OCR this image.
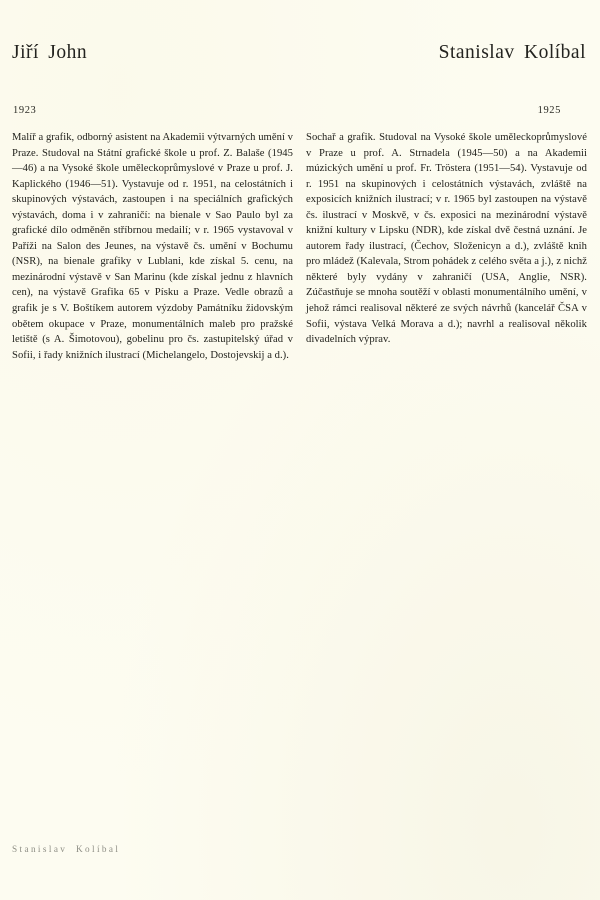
Jiří John	Stanislav Kolíbal
1923	1925

Malíř a grafik, odborný asistent na Akademii výtvarných umění v Praze. Studoval na Státní grafické škole u prof. Z. Balaše (1945—46) a na Vysoké škole uměleckoprůmyslové v Praze u prof. J. Kaplického (1946—51). Vystavuje od r. 1951, na celostátních i skupinových výstavách, zastoupen i na speciálních grafických výstavách, doma i v zahraničí: na bienale v Sao Paulo byl za grafické dílo odměněn stříbrnou medailí; v r. 1965 vystavoval v Paříži na Salon des Jeunes, na výstavě čs. umění v Bochumu (NSR), na bienale grafiky v Lublani, kde získal 5. cenu, na mezinárodní výstavě v San Marinu (kde získal jednu z hlavních cen), na výstavě Grafika 65 v Písku a Praze. Vedle obrazů a grafik je s V. Boštíkem autorem výzdoby Památníku židovským obětem okupace v Praze, monumentálních maleb pro pražské letiště (s A. Šimotovou), gobelinu pro čs. zastupitelský úřad v Sofii, i řady knižních ilustrací (Michelangelo, Dostojevskij a d.).

Sochař a grafik. Studoval na Vysoké škole uměleckoprůmyslové v Praze u prof. A. Strnadela (1945—50) a na Akademii múzických umění u prof. Fr. Tröstera (1951—54). Vystavuje od r. 1951 na skupinových i celostátních výstavách, zvláště na exposicích knižních ilustrací; v r. 1965 byl zastoupen na výstavě čs. ilustrací v Moskvě, v čs. exposici na mezinárodní výstavě knižní kultury v Lipsku (NDR), kde získal dvě čestná uznání. Je autorem řady ilustrací, (Čechov, Složenicyn a d.), zvláště knih pro mládež (Kalevala, Strom pohádek z celého světa a j.), z nichž některé byly vydány v zahraničí (USA, Anglie, NSR). Zúčastňuje se mnoha soutěží v oblasti monumentálního umění, v jehož rámci realisoval některé ze svých návrhů (kancelář ČSA v Sofii, výstava Velká Morava a d.); navrhl a realisoval několik divadelních výprav.

Stanislav Kolíbal
